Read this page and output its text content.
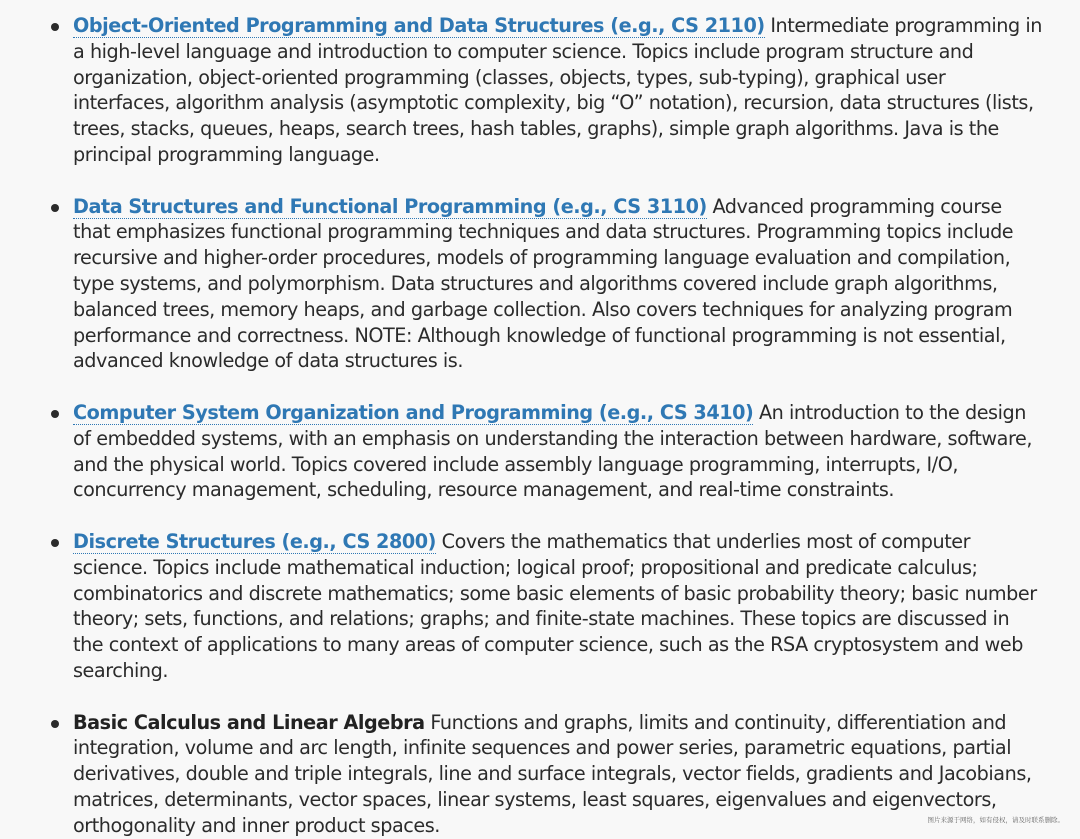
Object-Oriented Programming and Data Structures (e.g., CS 2110) Intermediate programming in a high-level language and introduction to computer science. Topics include program structure and organization, object-oriented programming (classes, objects, types, sub-typing), graphical user interfaces, algorithm analysis (asymptotic complexity, big “O” notation), recursion, data structures (lists, trees, stacks, queues, heaps, search trees, hash tables, graphs), simple graph algorithms. Java is the principal programming language.
Data Structures and Functional Programming (e.g., CS 3110) Advanced programming course that emphasizes functional programming techniques and data structures. Programming topics include recursive and higher-order procedures, models of programming language evaluation and compilation, type systems, and polymorphism. Data structures and algorithms covered include graph algorithms, balanced trees, memory heaps, and garbage collection. Also covers techniques for analyzing program performance and correctness. NOTE: Although knowledge of functional programming is not essential, advanced knowledge of data structures is.
Computer System Organization and Programming (e.g., CS 3410) An introduction to the design of embedded systems, with an emphasis on understanding the interaction between hardware, software, and the physical world. Topics covered include assembly language programming, interrupts, I/O, concurrency management, scheduling, resource management, and real-time constraints.
Discrete Structures (e.g., CS 2800) Covers the mathematics that underlies most of computer science. Topics include mathematical induction; logical proof; propositional and predicate calculus; combinatorics and discrete mathematics; some basic elements of basic probability theory; basic number theory; sets, functions, and relations; graphs; and finite-state machines. These topics are discussed in the context of applications to many areas of computer science, such as the RSA cryptosystem and web searching.
Basic Calculus and Linear Algebra Functions and graphs, limits and continuity, differentiation and integration, volume and arc length, infinite sequences and power series, parametric equations, partial derivatives, double and triple integrals, line and surface integrals, vector fields, gradients and Jacobians, matrices, determinants, vector spaces, linear systems, least squares, eigenvalues and eigenvectors, orthogonality and inner product spaces.	图片来源于网络，如有侵权，请及时联系删除。
